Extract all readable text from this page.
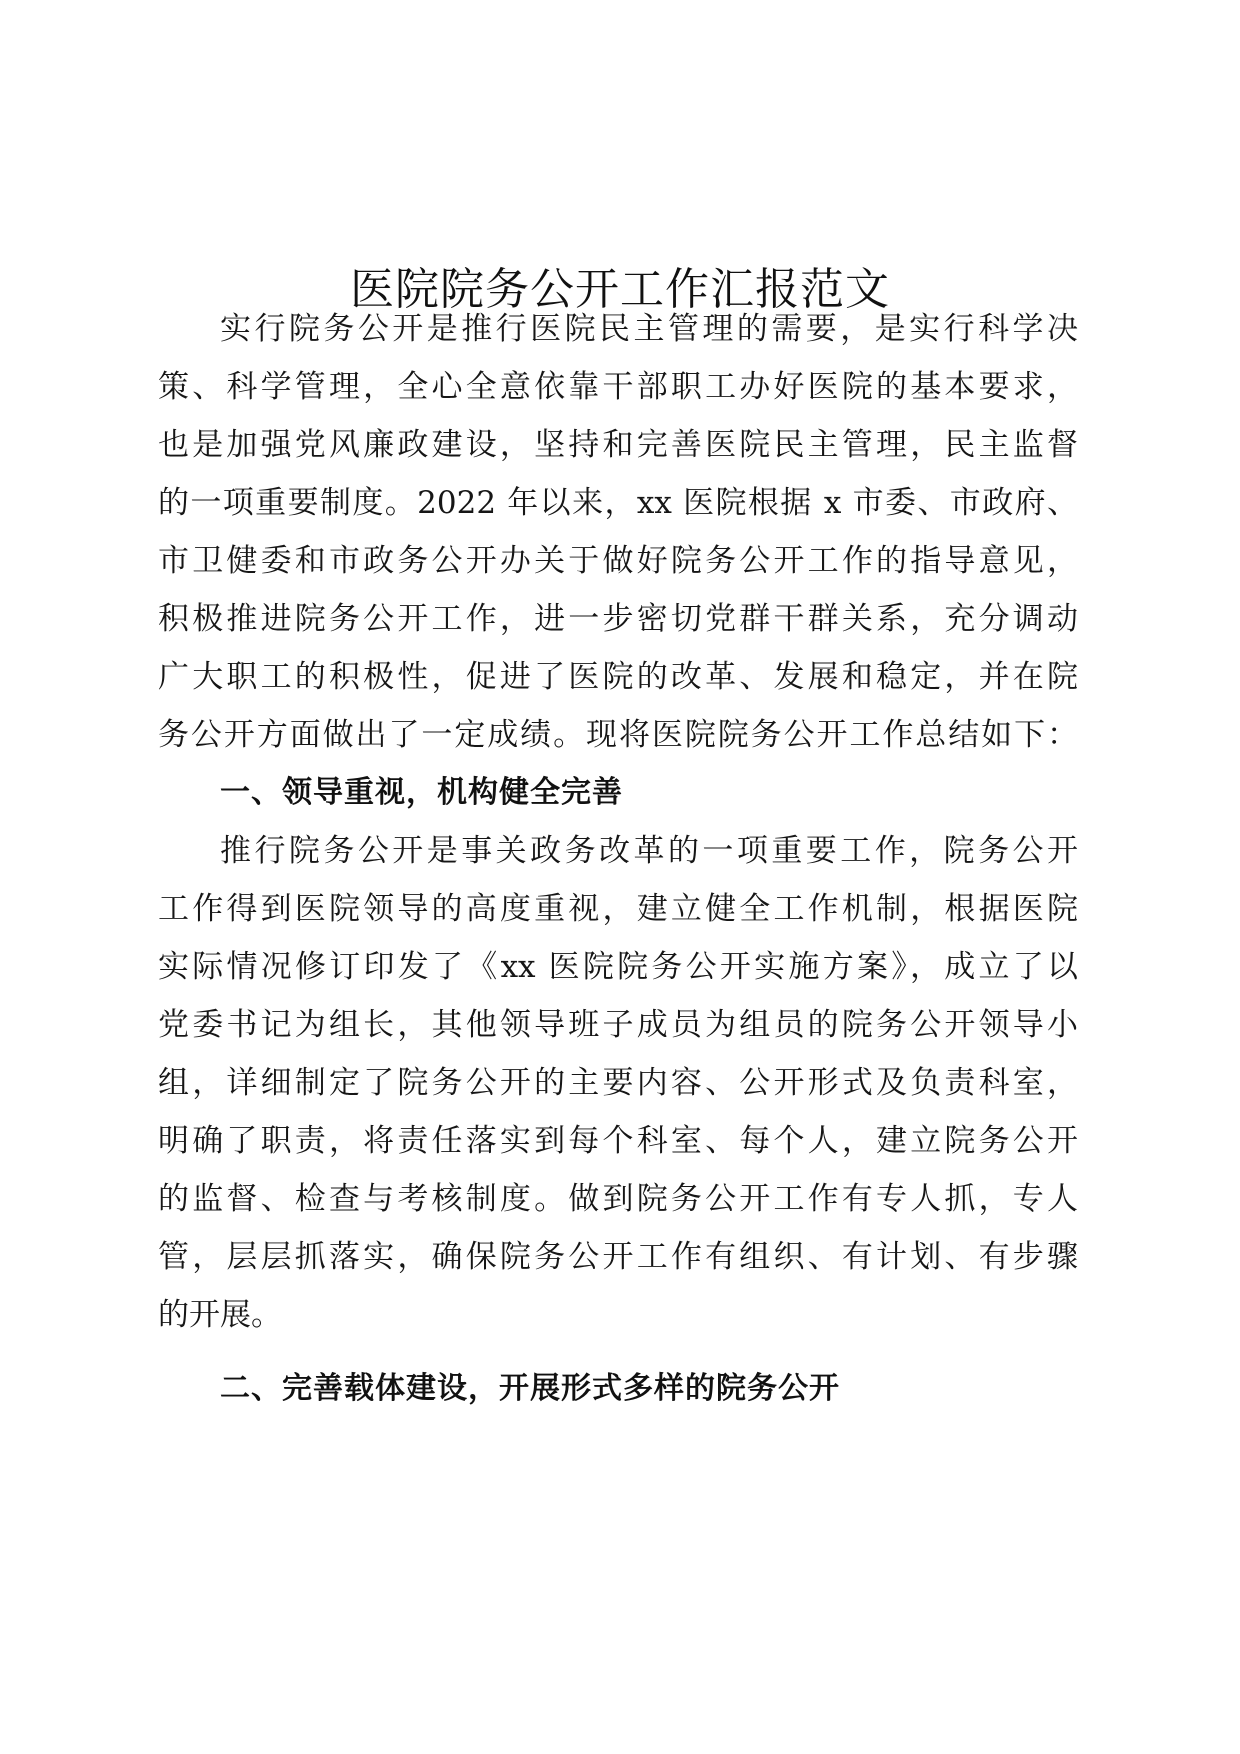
医院院务公开工作汇报范文
实行院务公开是推行医院民主管理的需要，是实行科学决
策、科学管理，全心全意依靠干部职工办好医院的基本要求，
也是加强党风廉政建设，坚持和完善医院民主管理，民主监督
的一项重要制度。2022 年以来，xx 医院根据 x 市委、市政府、
市卫健委和市政务公开办关于做好院务公开工作的指导意见，
积极推进院务公开工作，进一步密切党群干群关系，充分调动
广大职工的积极性，促进了医院的改革、发展和稳定，并在院
务公开方面做出了一定成绩。现将医院院务公开工作总结如下：
一、领导重视，机构健全完善
推行院务公开是事关政务改革的一项重要工作，院务公开
工作得到医院领导的高度重视，建立健全工作机制，根据医院
实际情况修订印发了《xx 医院院务公开实施方案》，成立了以
党委书记为组长，其他领导班子成员为组员的院务公开领导小
组，详细制定了院务公开的主要内容、公开形式及负责科室，
明确了职责，将责任落实到每个科室、每个人，建立院务公开
的监督、检查与考核制度。做到院务公开工作有专人抓，专人
管，层层抓落实，确保院务公开工作有组织、有计划、有步骤
的开展。
二、完善载体建设，开展形式多样的院务公开
